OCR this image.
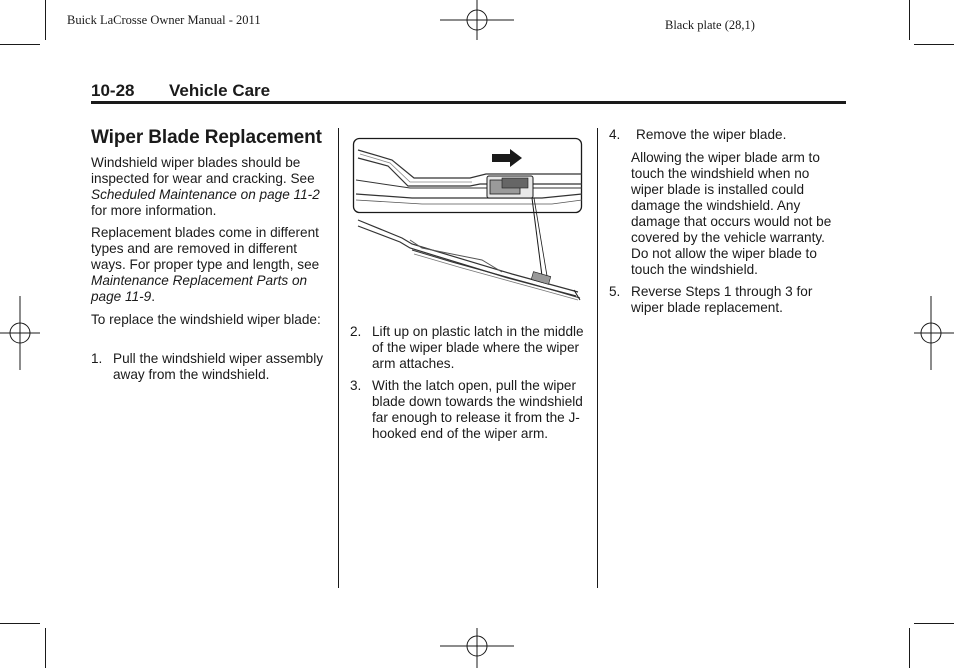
Buick LaCrosse Owner Manual - 2011	Black plate (28,1)
10-28 Vehicle Care
Wiper Blade Replacement

Windshield wiper blades should be inspected for wear and cracking. See Scheduled Maintenance on page 11-2 for more information.

Replacement blades come in different types and are removed in different ways. For proper type and length, see Maintenance Replacement Parts on page 11-9.

To replace the windshield wiper blade:

1. Pull the windshield wiper assembly away from the windshield.
2. Lift up on plastic latch in the middle of the wiper blade where the wiper arm attaches.
3. With the latch open, pull the wiper blade down towards the windshield far enough to release it from the J-hooked end of the wiper arm.
4. Remove the wiper blade.

Allowing the wiper blade arm to touch the windshield when no wiper blade is installed could damage the windshield. Any damage that occurs would not be covered by the vehicle warranty. Do not allow the wiper blade to touch the windshield.

5. Reverse Steps 1 through 3 for wiper blade replacement.
